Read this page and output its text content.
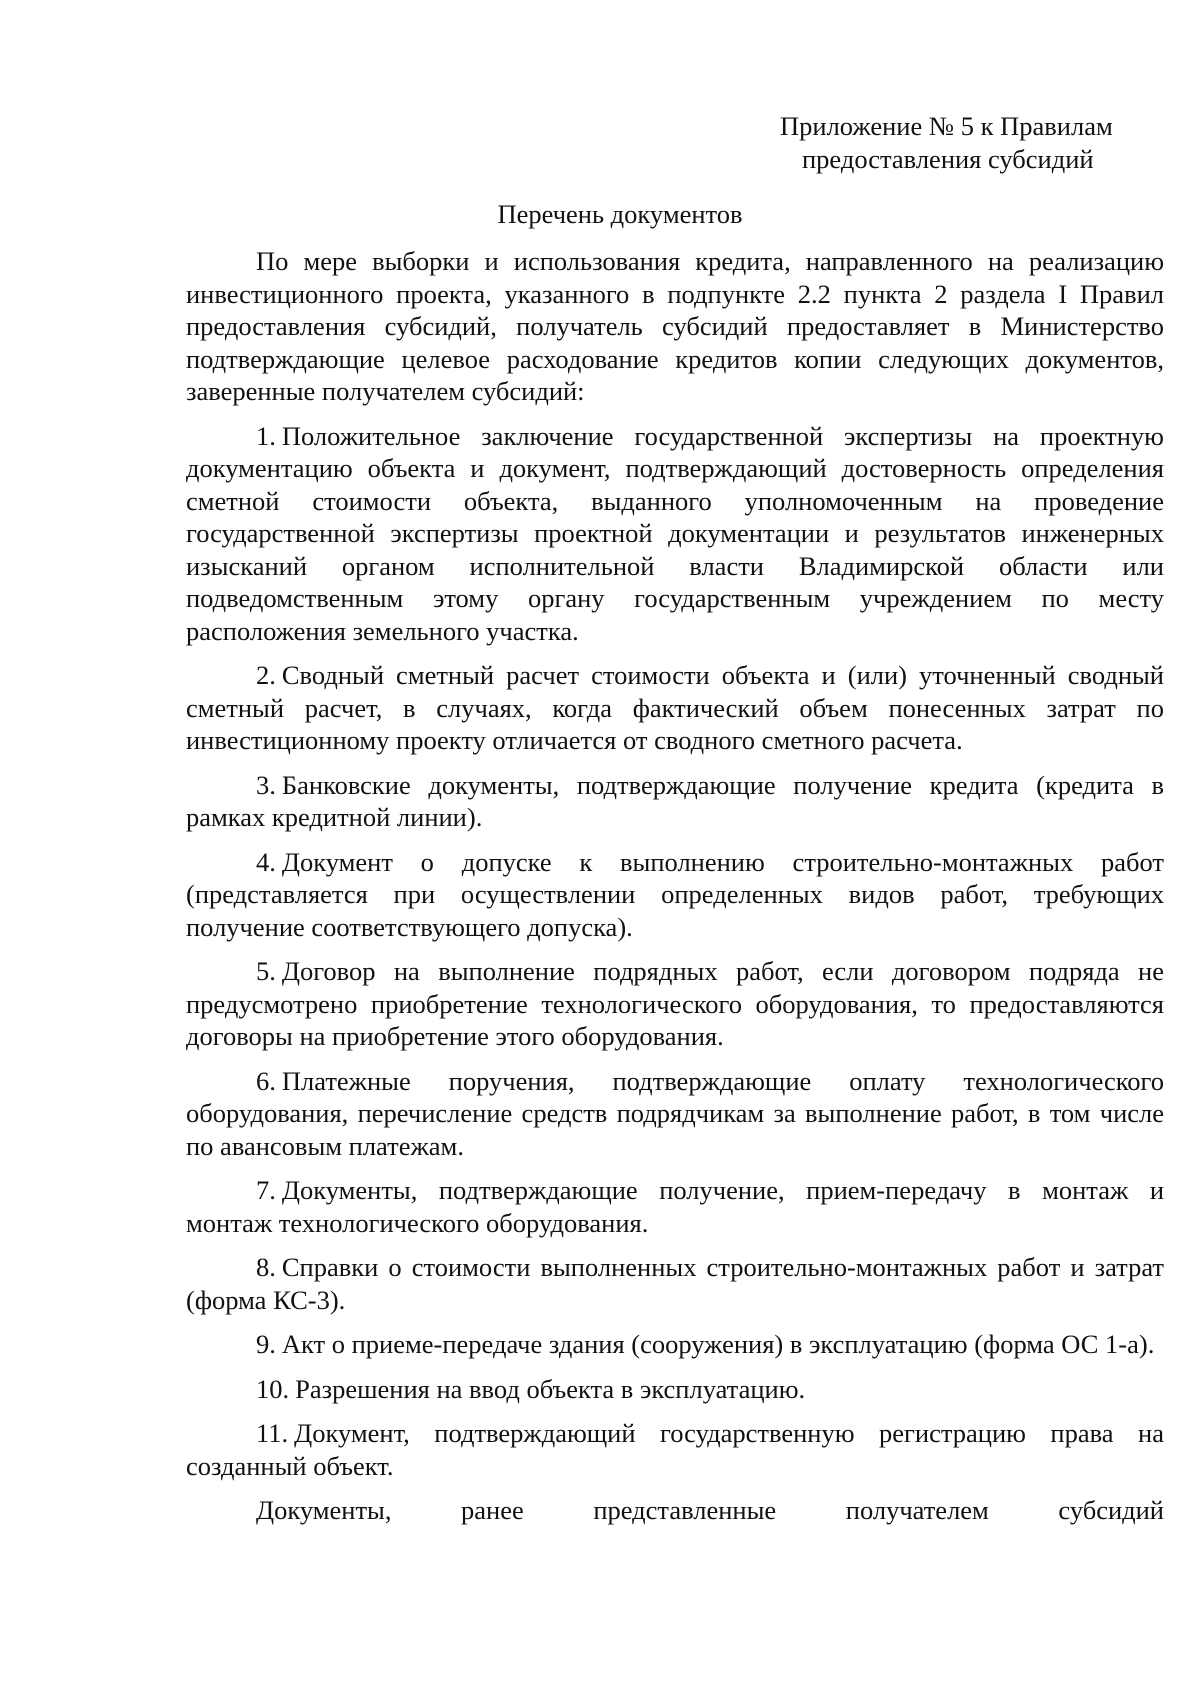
Приложение № 5 к Правилам
предоставления субсидий
Перечень документов

По мере выборки и использования кредита, направленного на реализацию инвестиционного проекта, указанного в подпункте 2.2 пункта 2 раздела I Правил предоставления субсидий, получатель субсидий предоставляет в Министерство подтверждающие целевое расходование кредитов копии следующих документов, заверенные получателем субсидий:

1. Положительное заключение государственной экспертизы на проектную документацию объекта и документ, подтверждающий достоверность определения сметной стоимости объекта, выданного уполномоченным на проведение государственной экспертизы проектной документации и результатов инженерных изысканий органом исполнительной власти Владимирской области или подведомственным этому органу государственным учреждением по месту расположения земельного участка.

2. Сводный сметный расчет стоимости объекта и (или) уточненный сводный сметный расчет, в случаях, когда фактический объем понесенных затрат по инвестиционному проекту отличается от сводного сметного расчета.

3. Банковские документы, подтверждающие получение кредита (кредита в рамках кредитной линии).

4. Документ о допуске к выполнению строительно-монтажных работ (представляется при осуществлении определенных видов работ, требующих получение соответствующего допуска).

5. Договор на выполнение подрядных работ, если договором подряда не предусмотрено приобретение технологического оборудования, то предоставляются договоры на приобретение этого оборудования.

6. Платежные поручения, подтверждающие оплату технологического оборудования, перечисление средств подрядчикам за выполнение работ, в том числе по авансовым платежам.

7. Документы, подтверждающие получение, прием-передачу в монтаж и монтаж технологического оборудования.

8. Справки о стоимости выполненных строительно-монтажных работ и затрат (форма КС-3).

9. Акт о приеме-передаче здания (сооружения) в эксплуатацию (форма ОС 1-а).

10. Разрешения на ввод объекта в эксплуатацию.

11. Документ, подтверждающий государственную регистрацию права на созданный объект.

Документы, ранее представленные получателем субсидий
